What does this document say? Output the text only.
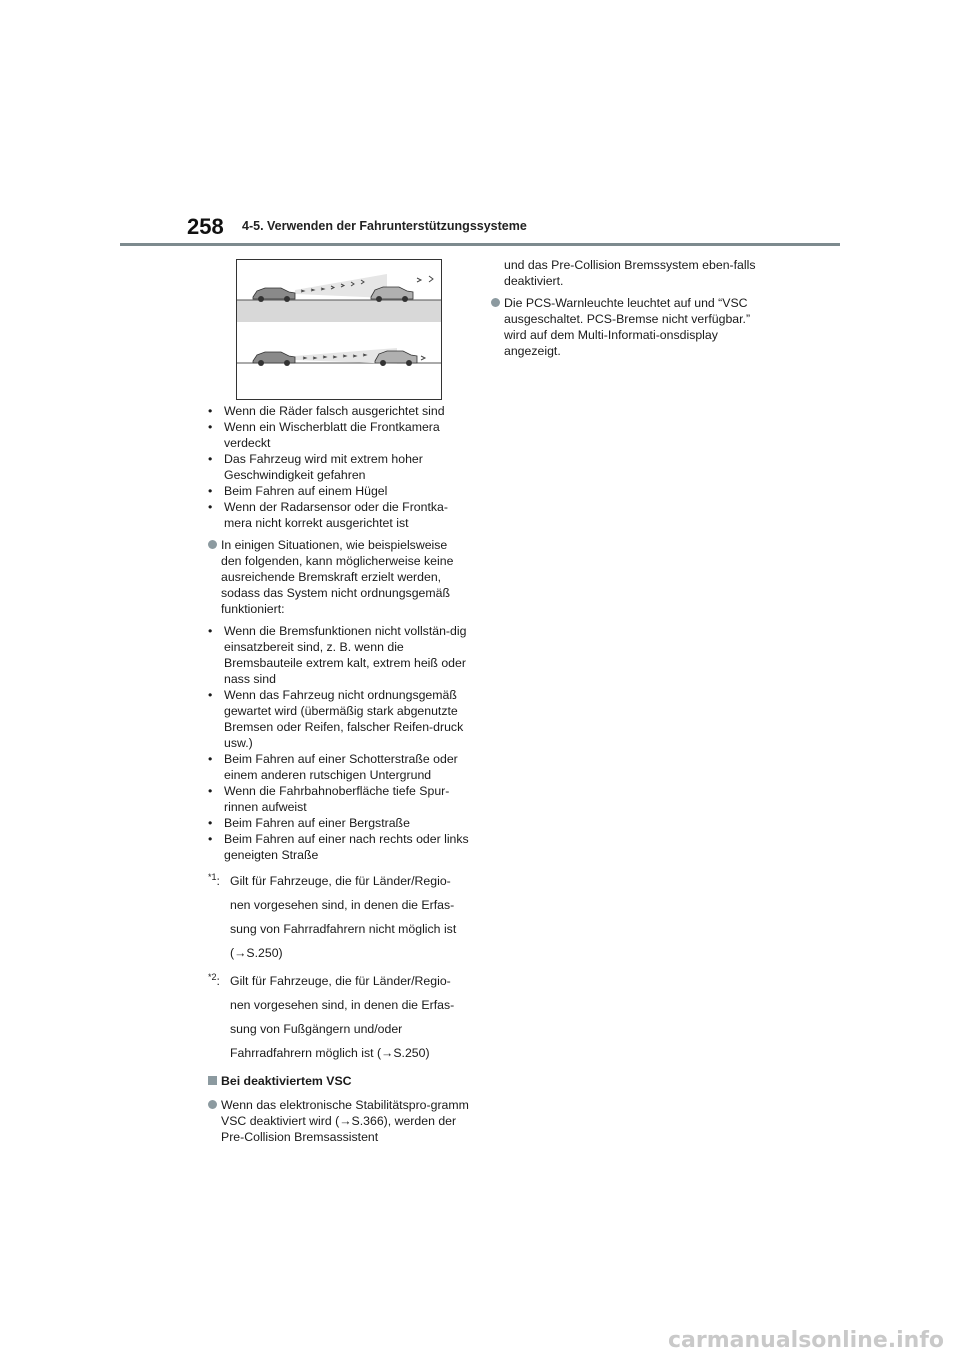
258 4-5. Verwenden der Fahrunterstützungssysteme
• Wenn die Räder falsch ausgerichtet sind
• Wenn ein Wischerblatt die Frontkamera verdeckt
• Das Fahrzeug wird mit extrem hoher Geschwindigkeit gefahren
• Beim Fahren auf einem Hügel
• Wenn der Radarsensor oder die Frontka-mera nicht korrekt ausgerichtet ist
In einigen Situationen, wie beispielsweise den folgenden, kann möglicherweise keine ausreichende Bremskraft erzielt werden, sodass das System nicht ordnungsgemäß funktioniert:
• Wenn die Bremsfunktionen nicht vollstän-dig einsatzbereit sind, z. B. wenn die Bremsbauteile extrem kalt, extrem heiß oder nass sind
• Wenn das Fahrzeug nicht ordnungsgemäß gewartet wird (übermäßig stark abgenutzte Bremsen oder Reifen, falscher Reifen-druck usw.)
• Beim Fahren auf einer Schotterstraße oder einem anderen rutschigen Untergrund
• Wenn die Fahrbahnoberfläche tiefe Spur-rinnen aufweist
• Beim Fahren auf einer Bergstraße
• Beim Fahren auf einer nach rechts oder links geneigten Straße
$^{*1}$: Gilt für Fahrzeuge, die für Länder/Regio-nen vorgesehen sind, in denen die Erfas-sung von Fahrradfahrern nicht möglich ist (→S.250)
$^{*2}$: Gilt für Fahrzeuge, die für Länder/Regio-nen vorgesehen sind, in denen die Erfas-sung von Fußgängern und/oder Fahrradfahrern möglich ist (→S.250)
Bei deaktiviertem VSC
Wenn das elektronische Stabilitätspro-gramm VSC deaktiviert wird (→S.366), werden der Pre-Collision Bremsassistent
und das Pre-Collision Bremssystem eben-falls deaktiviert.
Die PCS-Warnleuchte leuchtet auf und “VSC ausgeschaltet. PCS-Bremse nicht verfügbar.” wird auf dem Multi-Informati-onsdisplay angezeigt.
carmanualsonline.info
